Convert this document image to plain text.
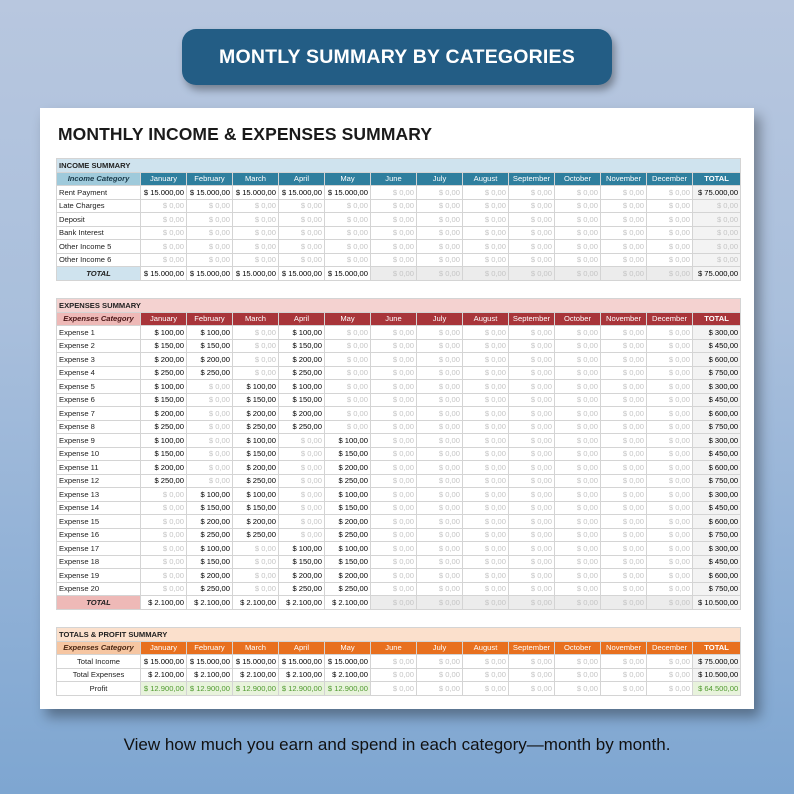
MONTLY SUMMARY BY CATEGORIES
MONTHLY INCOME & EXPENSES SUMMARY
INCOME SUMMARY													
Income Category	January	February	March	April	May	June	July	August	September	October	November	December	TOTAL
Rent Payment	$ 15.000,00	$ 15.000,00	$ 15.000,00	$ 15.000,00	$ 15.000,00	$ 0,00	$ 0,00	$ 0,00	$ 0,00	$ 0,00	$ 0,00	$ 0,00	$ 75.000,00
Late Charges	$ 0,00	$ 0,00	$ 0,00	$ 0,00	$ 0,00	$ 0,00	$ 0,00	$ 0,00	$ 0,00	$ 0,00	$ 0,00	$ 0,00	$ 0,00
Deposit	$ 0,00	$ 0,00	$ 0,00	$ 0,00	$ 0,00	$ 0,00	$ 0,00	$ 0,00	$ 0,00	$ 0,00	$ 0,00	$ 0,00	$ 0,00
Bank Interest	$ 0,00	$ 0,00	$ 0,00	$ 0,00	$ 0,00	$ 0,00	$ 0,00	$ 0,00	$ 0,00	$ 0,00	$ 0,00	$ 0,00	$ 0,00
Other Income 5	$ 0,00	$ 0,00	$ 0,00	$ 0,00	$ 0,00	$ 0,00	$ 0,00	$ 0,00	$ 0,00	$ 0,00	$ 0,00	$ 0,00	$ 0,00
Other Income 6	$ 0,00	$ 0,00	$ 0,00	$ 0,00	$ 0,00	$ 0,00	$ 0,00	$ 0,00	$ 0,00	$ 0,00	$ 0,00	$ 0,00	$ 0,00
TOTAL	$ 15.000,00	$ 15.000,00	$ 15.000,00	$ 15.000,00	$ 15.000,00	$ 0,00	$ 0,00	$ 0,00	$ 0,00	$ 0,00	$ 0,00	$ 0,00	$ 75.000,00
EXPENSES SUMMARY													
Expenses Category	January	February	March	April	May	June	July	August	September	October	November	December	TOTAL
Expense 1	$ 100,00	$ 100,00	$ 0,00	$ 100,00	$ 0,00	$ 0,00	$ 0,00	$ 0,00	$ 0,00	$ 0,00	$ 0,00	$ 0,00	$ 300,00
Expense 2	$ 150,00	$ 150,00	$ 0,00	$ 150,00	$ 0,00	$ 0,00	$ 0,00	$ 0,00	$ 0,00	$ 0,00	$ 0,00	$ 0,00	$ 450,00
Expense 3	$ 200,00	$ 200,00	$ 0,00	$ 200,00	$ 0,00	$ 0,00	$ 0,00	$ 0,00	$ 0,00	$ 0,00	$ 0,00	$ 0,00	$ 600,00
Expense 4	$ 250,00	$ 250,00	$ 0,00	$ 250,00	$ 0,00	$ 0,00	$ 0,00	$ 0,00	$ 0,00	$ 0,00	$ 0,00	$ 0,00	$ 750,00
Expense 5	$ 100,00	$ 0,00	$ 100,00	$ 100,00	$ 0,00	$ 0,00	$ 0,00	$ 0,00	$ 0,00	$ 0,00	$ 0,00	$ 0,00	$ 300,00
Expense 6	$ 150,00	$ 0,00	$ 150,00	$ 150,00	$ 0,00	$ 0,00	$ 0,00	$ 0,00	$ 0,00	$ 0,00	$ 0,00	$ 0,00	$ 450,00
Expense 7	$ 200,00	$ 0,00	$ 200,00	$ 200,00	$ 0,00	$ 0,00	$ 0,00	$ 0,00	$ 0,00	$ 0,00	$ 0,00	$ 0,00	$ 600,00
Expense 8	$ 250,00	$ 0,00	$ 250,00	$ 250,00	$ 0,00	$ 0,00	$ 0,00	$ 0,00	$ 0,00	$ 0,00	$ 0,00	$ 0,00	$ 750,00
Expense 9	$ 100,00	$ 0,00	$ 100,00	$ 0,00	$ 100,00	$ 0,00	$ 0,00	$ 0,00	$ 0,00	$ 0,00	$ 0,00	$ 0,00	$ 300,00
Expense 10	$ 150,00	$ 0,00	$ 150,00	$ 0,00	$ 150,00	$ 0,00	$ 0,00	$ 0,00	$ 0,00	$ 0,00	$ 0,00	$ 0,00	$ 450,00
Expense 11	$ 200,00	$ 0,00	$ 200,00	$ 0,00	$ 200,00	$ 0,00	$ 0,00	$ 0,00	$ 0,00	$ 0,00	$ 0,00	$ 0,00	$ 600,00
Expense 12	$ 250,00	$ 0,00	$ 250,00	$ 0,00	$ 250,00	$ 0,00	$ 0,00	$ 0,00	$ 0,00	$ 0,00	$ 0,00	$ 0,00	$ 750,00
Expense 13	$ 0,00	$ 100,00	$ 100,00	$ 0,00	$ 100,00	$ 0,00	$ 0,00	$ 0,00	$ 0,00	$ 0,00	$ 0,00	$ 0,00	$ 300,00
Expense 14	$ 0,00	$ 150,00	$ 150,00	$ 0,00	$ 150,00	$ 0,00	$ 0,00	$ 0,00	$ 0,00	$ 0,00	$ 0,00	$ 0,00	$ 450,00
Expense 15	$ 0,00	$ 200,00	$ 200,00	$ 0,00	$ 200,00	$ 0,00	$ 0,00	$ 0,00	$ 0,00	$ 0,00	$ 0,00	$ 0,00	$ 600,00
Expense 16	$ 0,00	$ 250,00	$ 250,00	$ 0,00	$ 250,00	$ 0,00	$ 0,00	$ 0,00	$ 0,00	$ 0,00	$ 0,00	$ 0,00	$ 750,00
Expense 17	$ 0,00	$ 100,00	$ 0,00	$ 100,00	$ 100,00	$ 0,00	$ 0,00	$ 0,00	$ 0,00	$ 0,00	$ 0,00	$ 0,00	$ 300,00
Expense 18	$ 0,00	$ 150,00	$ 0,00	$ 150,00	$ 150,00	$ 0,00	$ 0,00	$ 0,00	$ 0,00	$ 0,00	$ 0,00	$ 0,00	$ 450,00
Expense 19	$ 0,00	$ 200,00	$ 0,00	$ 200,00	$ 200,00	$ 0,00	$ 0,00	$ 0,00	$ 0,00	$ 0,00	$ 0,00	$ 0,00	$ 600,00
Expense 20	$ 0,00	$ 250,00	$ 0,00	$ 250,00	$ 250,00	$ 0,00	$ 0,00	$ 0,00	$ 0,00	$ 0,00	$ 0,00	$ 0,00	$ 750,00
TOTAL	$ 2.100,00	$ 2.100,00	$ 2.100,00	$ 2.100,00	$ 2.100,00	$ 0,00	$ 0,00	$ 0,00	$ 0,00	$ 0,00	$ 0,00	$ 0,00	$ 10.500,00
TOTALS & PROFIT SUMMARY													
Expenses Category	January	February	March	April	May	June	July	August	September	October	November	December	TOTAL
Total Income	$ 15.000,00	$ 15.000,00	$ 15.000,00	$ 15.000,00	$ 15.000,00	$ 0,00	$ 0,00	$ 0,00	$ 0,00	$ 0,00	$ 0,00	$ 0,00	$ 75.000,00
Total Expenses	$ 2.100,00	$ 2.100,00	$ 2.100,00	$ 2.100,00	$ 2.100,00	$ 0,00	$ 0,00	$ 0,00	$ 0,00	$ 0,00	$ 0,00	$ 0,00	$ 10.500,00
Profit	$ 12.900,00	$ 12.900,00	$ 12.900,00	$ 12.900,00	$ 12.900,00	$ 0,00	$ 0,00	$ 0,00	$ 0,00	$ 0,00	$ 0,00	$ 0,00	$ 64.500,00
View how much you earn and spend in each category—month by month.
